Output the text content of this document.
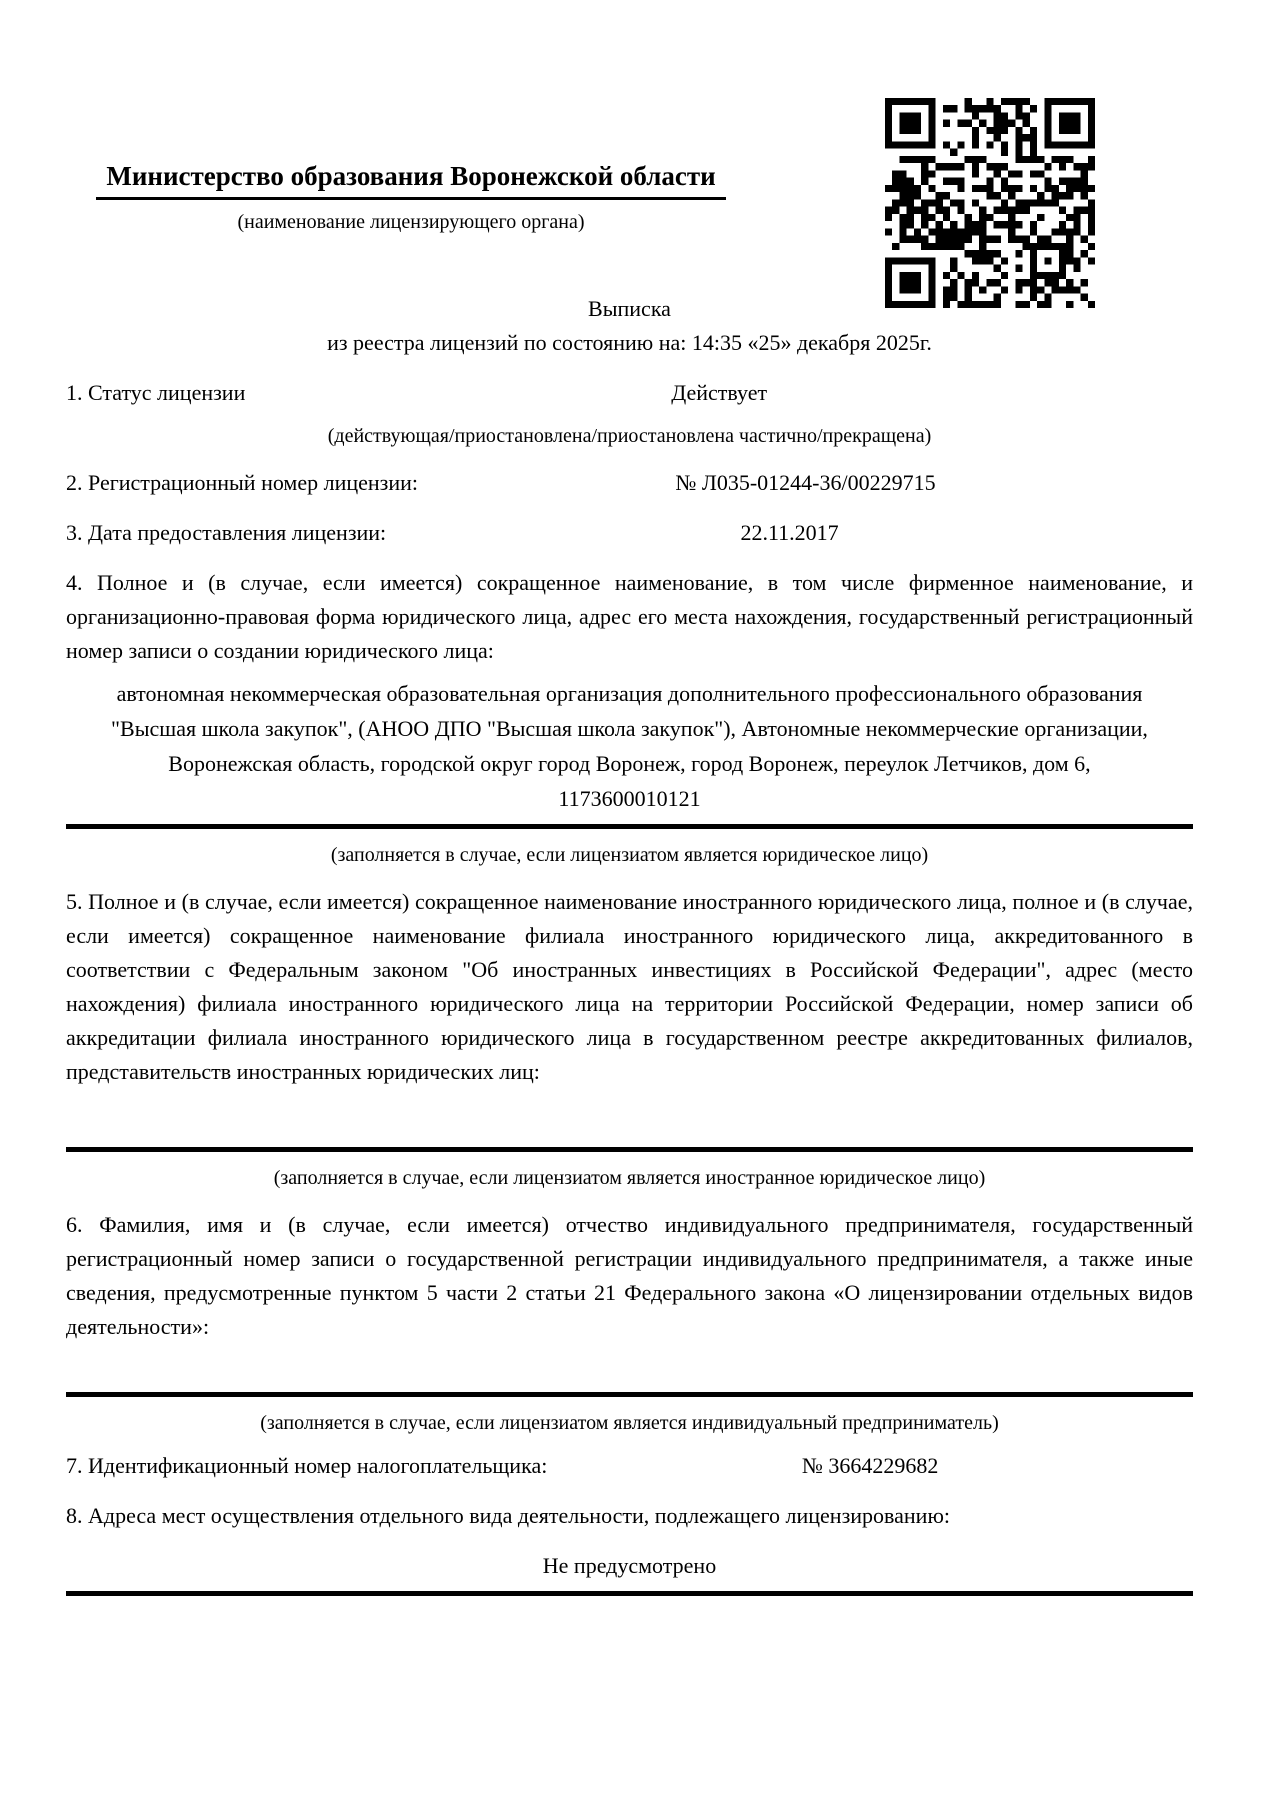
Министерство образования Воронежской области
(наименование лицензирующего органа)
Выписка
из реестра лицензий по состоянию на: 14:35 «25» декабря 2025г.
1. Статус лицензии	Действует
(действующая/приостановлена/приостановлена частично/прекращена)
2. Регистрационный номер лицензии:	№ Л035-01244-36/00229715
3. Дата предоставления лицензии:	22.11.2017
4. Полное и (в случае, если имеется) сокращенное наименование, в том числе фирменное наименование, и организационно-правовая форма юридического лица, адрес его места нахождения, государственный регистрационный номер записи о создании юридического лица:
автономная некоммерческая образовательная организация дополнительного профессионального образования "Высшая школа закупок", (АНОО ДПО "Высшая школа закупок"), Автономные некоммерческие организации, Воронежская область, городской округ город Воронеж, город Воронеж, переулок Летчиков, дом 6, 1173600010121
(заполняется в случае, если лицензиатом является юридическое лицо)
5. Полное и (в случае, если имеется) сокращенное наименование иностранного юридического лица, полное и (в случае, если имеется) сокращенное наименование филиала иностранного юридического лица, аккредитованного в соответствии с Федеральным законом "Об иностранных инвестициях в Российской Федерации", адрес (место нахождения) филиала иностранного юридического лица на территории Российской Федерации, номер записи об аккредитации филиала иностранного юридического лица в государственном реестре аккредитованных филиалов, представительств иностранных юридических лиц:
(заполняется в случае, если лицензиатом является иностранное юридическое лицо)
6. Фамилия, имя и (в случае, если имеется) отчество индивидуального предпринимателя, государственный регистрационный номер записи о государственной регистрации индивидуального предпринимателя, а также иные сведения, предусмотренные пунктом 5 части 2 статьи 21 Федерального закона «О лицензировании отдельных видов деятельности»:
(заполняется в случае, если лицензиатом является индивидуальный предприниматель)
7. Идентификационный номер налогоплательщика:	№ 3664229682
8. Адреса мест осуществления отдельного вида деятельности, подлежащего лицензированию:
Не предусмотрено
